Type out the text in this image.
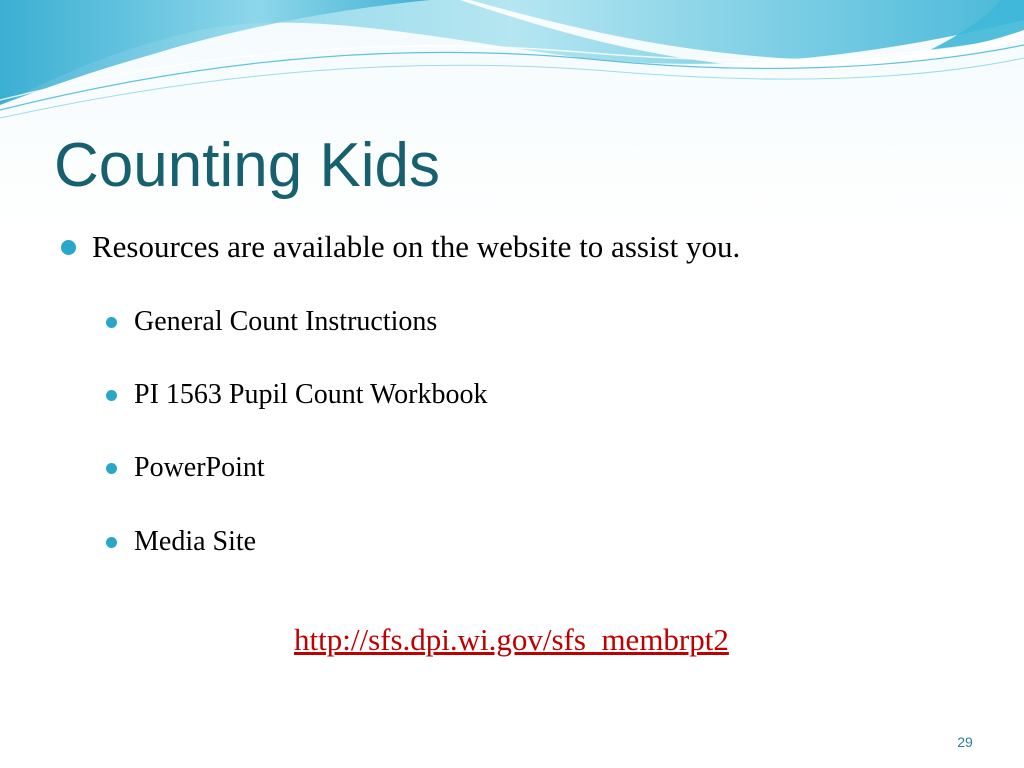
Counting Kids
Resources are available on the website to assist you.
General Count Instructions
PI 1563 Pupil Count Workbook
PowerPoint
Media Site
http://sfs.dpi.wi.gov/sfs_membrpt2
29
